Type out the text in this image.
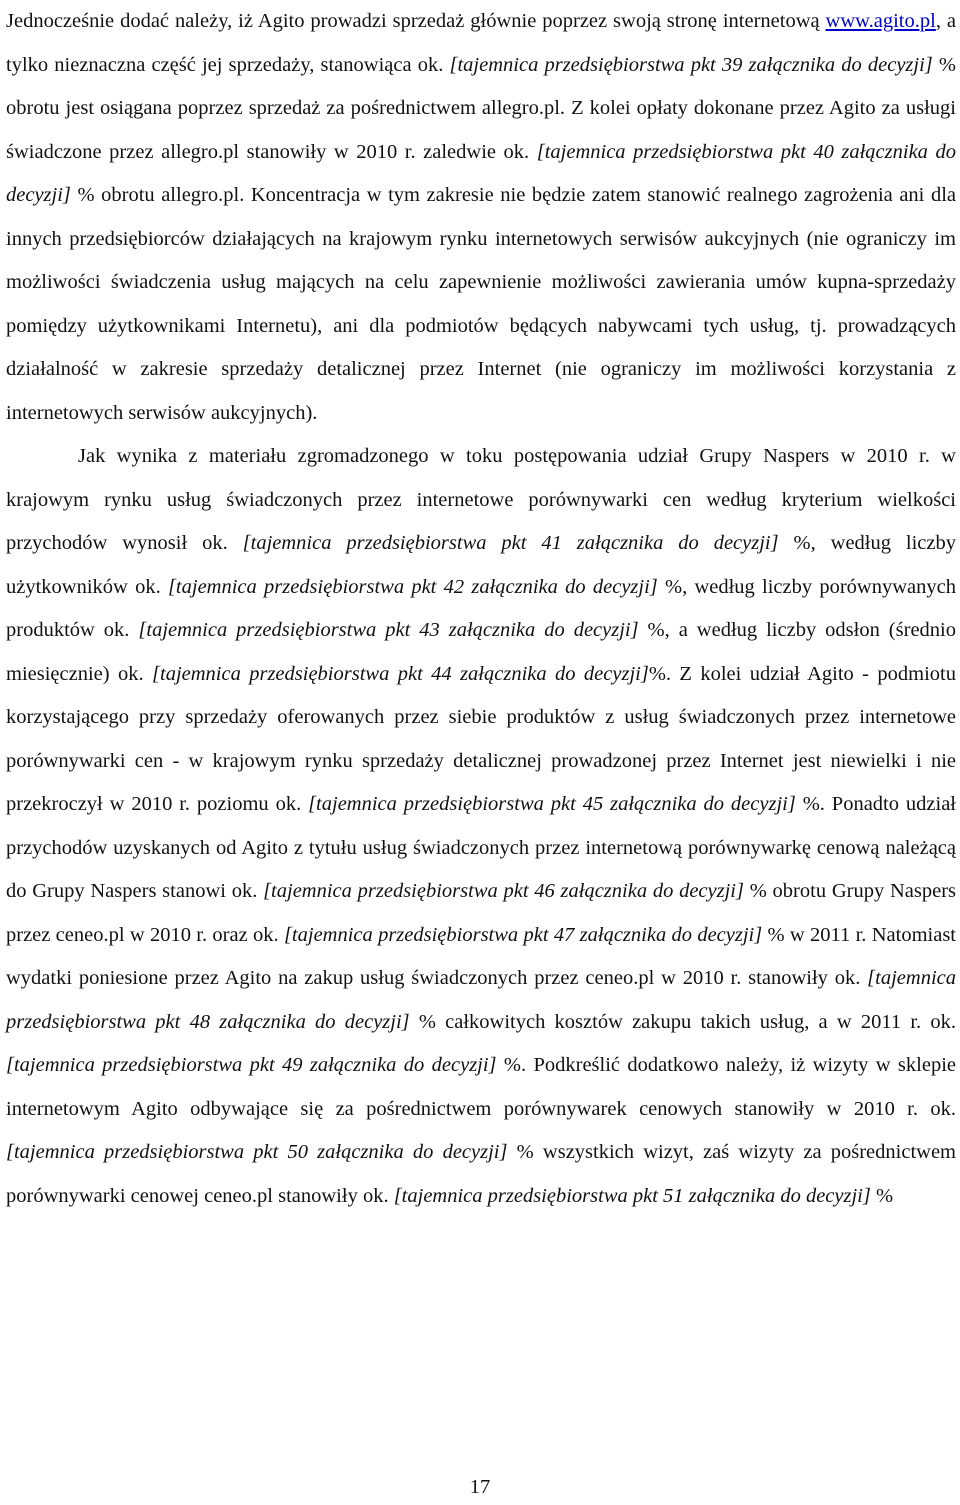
Jednocześnie dodać należy, iż Agito prowadzi sprzedaż głównie poprzez swoją stronę internetową www.agito.pl, a tylko nieznaczna część jej sprzedaży, stanowiąca ok. [tajemnica przedsiębiorstwa pkt 39 załącznika do decyzji] % obrotu jest osiągana poprzez sprzedaż za pośrednictwem allegro.pl. Z kolei opłaty dokonane przez Agito za usługi świadczone przez allegro.pl stanowiły w 2010 r. zaledwie ok. [tajemnica przedsiębiorstwa pkt 40 załącznika do decyzji] % obrotu allegro.pl. Koncentracja w tym zakresie nie będzie zatem stanowić realnego zagrożenia ani dla innych przedsiębiorców działających na krajowym rynku internetowych serwisów aukcyjnych (nie ograniczy im możliwości świadczenia usług mających na celu zapewnienie możliwości zawierania umów kupna-sprzedaży pomiędzy użytkownikami Internetu), ani dla podmiotów będących nabywcami tych usług, tj. prowadzących działalność w zakresie sprzedaży detalicznej przez Internet (nie ograniczy im możliwości korzystania z internetowych serwisów aukcyjnych).

Jak wynika z materiału zgromadzonego w toku postępowania udział Grupy Naspers w 2010 r. w krajowym rynku usług świadczonych przez internetowe porównywarki cen według kryterium wielkości przychodów wynosił ok. [tajemnica przedsiębiorstwa pkt 41 załącznika do decyzji] %, według liczby użytkowników ok. [tajemnica przedsiębiorstwa pkt 42 załącznika do decyzji] %, według liczby porównywanych produktów ok. [tajemnica przedsiębiorstwa pkt 43 załącznika do decyzji] %, a według liczby odsłon (średnio miesięcznie) ok. [tajemnica przedsiębiorstwa pkt 44 załącznika do decyzji]%. Z kolei udział Agito - podmiotu korzystającego przy sprzedaży oferowanych przez siebie produktów z usług świadczonych przez internetowe porównywarki cen - w krajowym rynku sprzedaży detalicznej prowadzonej przez Internet jest niewielki i nie przekroczył w 2010 r. poziomu ok. [tajemnica przedsiębiorstwa pkt 45 załącznika do decyzji] %. Ponadto udział przychodów uzyskanych od Agito z tytułu usług świadczonych przez internetową porównywarkę cenową należącą do Grupy Naspers stanowi ok. [tajemnica przedsiębiorstwa pkt 46 załącznika do decyzji] % obrotu Grupy Naspers przez ceneo.pl w 2010 r. oraz ok. [tajemnica przedsiębiorstwa pkt 47 załącznika do decyzji] % w 2011 r. Natomiast wydatki poniesione przez Agito na zakup usług świadczonych przez ceneo.pl w 2010 r. stanowiły ok. [tajemnica przedsiębiorstwa pkt 48 załącznika do decyzji] % całkowitych kosztów zakupu takich usług, a w 2011 r. ok. [tajemnica przedsiębiorstwa pkt 49 załącznika do decyzji] %. Podkreślić dodatkowo należy, iż wizyty w sklepie internetowym Agito odbywające się za pośrednictwem porównywarek cenowych stanowiły w 2010 r. ok. [tajemnica przedsiębiorstwa pkt 50 załącznika do decyzji] % wszystkich wizyt, zaś wizyty za pośrednictwem porównywarki cenowej ceneo.pl stanowiły ok. [tajemnica przedsiębiorstwa pkt 51 załącznika do decyzji] %

17
